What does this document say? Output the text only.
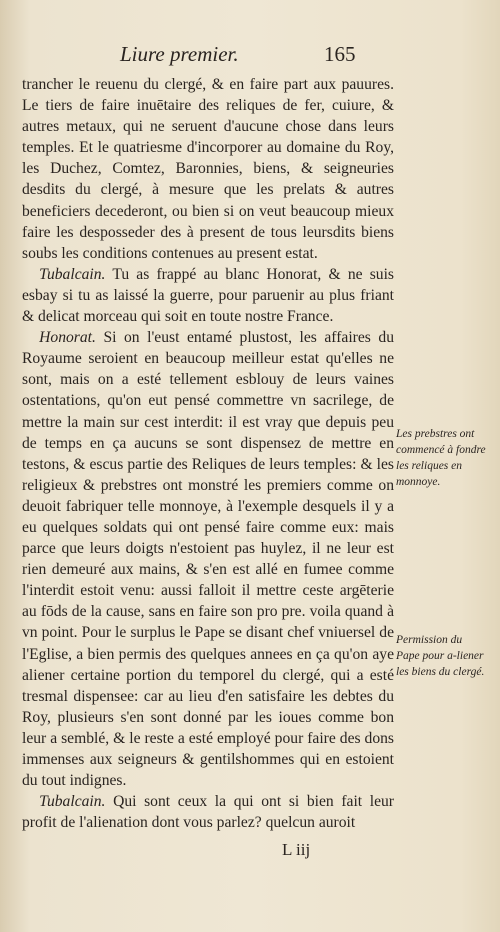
Liure premier.	165

trancher le reuenu du clergé, & en faire part aux pauures. Le tiers de faire inuētaire des reliques de fer, cuiure, & autres metaux, qui ne seruent d'aucune chose dans leurs temples. Et le quatriesme d'incorporer au domaine du Roy, les Duchez, Comtez, Baronnies, biens, & seigneuries desdits du clergé, à mesure que les prelats & autres beneficiers decederont, ou bien si on veut beaucoup mieux faire les desposseder des à present de tous leursdits biens soubs les conditions contenues au present estat.

Tubalcain. Tu as frappé au blanc Honorat, & ne suis esbay si tu as laissé la guerre, pour paruenir au plus friant & delicat morceau qui soit en toute nostre France.

Honorat. Si on l'eust entamé plustost, les affaires du Royaume seroient en beaucoup meilleur estat qu'elles ne sont, mais on a esté tellement esblouy de leurs vaines ostentations, qu'on eut pensé commettre vn sacrilege, de mettre la main sur cest interdit: il est vray que depuis peu de temps en ça aucuns se sont dispensez de mettre en testons, & escus partie des Reliques de leurs temples: & les religieux & prebstres ont monstré les premiers comme on deuoit fabriquer telle monnoye, à l'exemple desquels il y a eu quelques soldats qui ont pensé faire comme eux: mais parce que leurs doigts n'estoient pas huylez, il ne leur est rien demeuré aux mains, & s'en est allé en fumee comme l'interdit estoit venu: aussi falloit il mettre ceste argēterie au fōds de la cause, sans en faire son pro pre. voila quand à vn point. Pour le surplus le Pape se disant chef vniuersel de l'Eglise, a bien permis des quelques annees en ça qu'on aye aliener certaine portion du temporel du clergé, qui a esté tresmal dispensee: car au lieu d'en satisfaire les debtes du Roy, plusieurs s'en sont donné par les ioues comme bon leur a semblé, & le reste a esté employé pour faire des dons immenses aux seigneurs & gentilshommes qui en estoient du tout indignes.

Tubalcain. Qui sont ceux la qui ont si bien fait leur profit de l'alienation dont vous parlez? quelcun auroit

Les prebstres ont commencé à fondre les reliques en monnoye.
Permission du Pape pour a-liener les biens du clergé.
L iij
